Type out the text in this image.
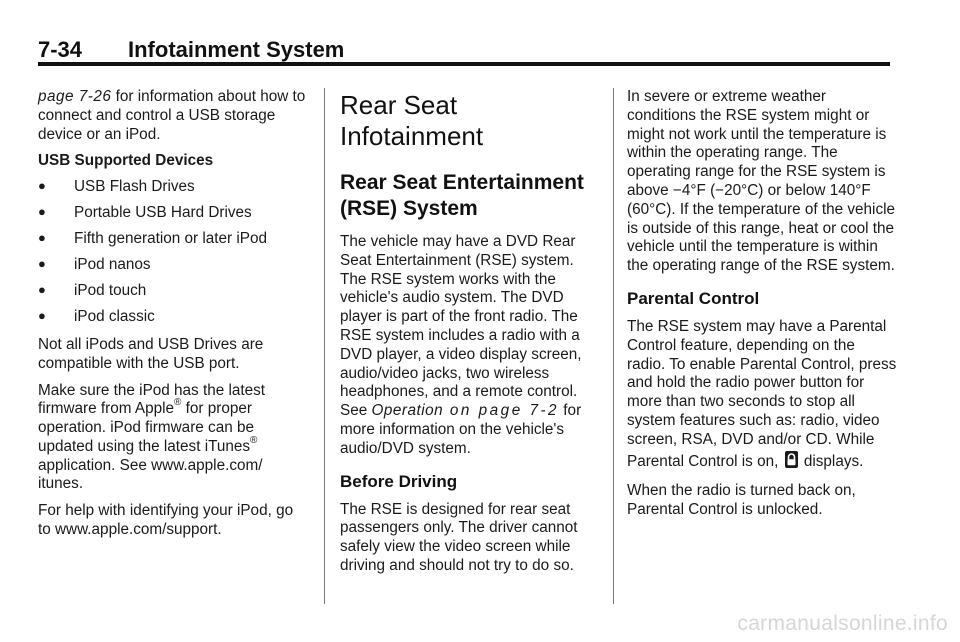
7-34 Infotainment System

page 7-26 for information about how to connect and control a USB storage device or an iPod.

USB Supported Devices

● USB Flash Drives
● Portable USB Hard Drives
● Fifth generation or later iPod
● iPod nanos
● iPod touch
● iPod classic

Not all iPods and USB Drives are compatible with the USB port.

Make sure the iPod has the latest firmware from Apple® for proper operation. iPod firmware can be updated using the latest iTunes® application. See www.apple.com/ itunes.

For help with identifying your iPod, go to www.apple.com/support.

Rear Seat Infotainment
Rear Seat Entertainment (RSE) System

The vehicle may have a DVD Rear Seat Entertainment (RSE) system. The RSE system works with the vehicle's audio system. The DVD player is part of the front radio. The RSE system includes a radio with a DVD player, a video display screen, audio/video jacks, two wireless headphones, and a remote control. See Operation on page 7-2 for more information on the vehicle's audio/DVD system.

Before Driving

The RSE is designed for rear seat passengers only. The driver cannot safely view the video screen while driving and should not try to do so.

In severe or extreme weather conditions the RSE system might or might not work until the temperature is within the operating range. The operating range for the RSE system is above −4°F (−20°C) or below 140°F (60°C). If the temperature of the vehicle is outside of this range, heat or cool the vehicle until the temperature is within the operating range of the RSE system.

Parental Control

The RSE system may have a Parental Control feature, depending on the radio. To enable Parental Control, press and hold the radio power button for more than two seconds to stop all system features such as: radio, video screen, RSA, DVD and/or CD. While Parental Control is on,  displays.

When the radio is turned back on, Parental Control is unlocked.

carmanualsonline.info
